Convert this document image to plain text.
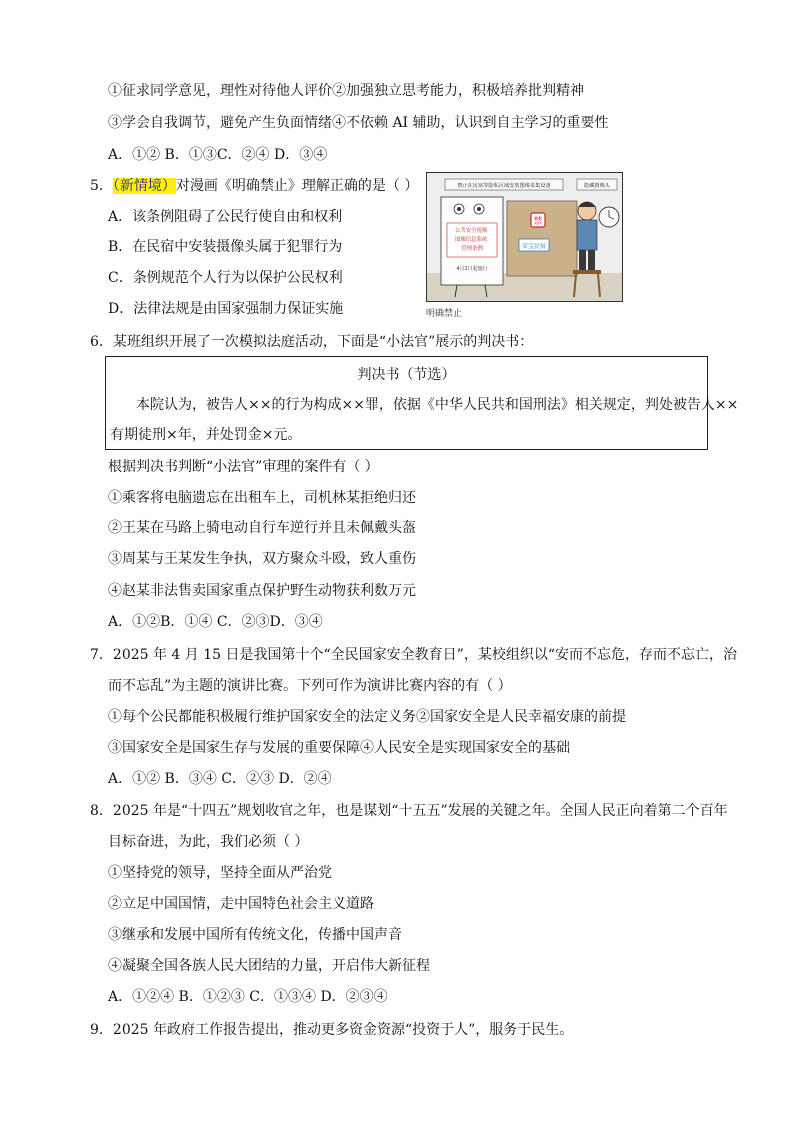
①征求同学意见，理性对待他人评价②加强独立思考能力，积极培养批判精神
③学会自我调节，避免产生负面情绪④不依赖 AI 辅助，认识到自主学习的重要性
A．①② B．①③C．②④ D．③④
5．（新情境）对漫画《明确禁止》理解正确的是（ ）
A．该条例阻碍了公民行使自由和权利
B．在民宿中安装摄像头属于犯罪行为
C．条例规范个人行为以保护公民权利
D．法律法规是由国家强制力保证实施
禁止在民宿等隐私区域安装图像采集设备	隐藏摄像头
安宝民宿
禁
公共安全视频 图像信息系统 管理条例
4月1日起施行
明确禁止
6．某班组织开展了一次模拟法庭活动，下面是“小法官”展示的判决书：
判决书（节选）
本院认为，被告人××的行为构成××罪，依据《中华人民共和国刑法》相关规定，判处被告人××
有期徒刑×年，并处罚金×元。
根据判决书判断“小法官”审理的案件有（ ）
①乘客将电脑遗忘在出租车上，司机林某拒绝归还
②王某在马路上骑电动自行车逆行并且未佩戴头盔
③周某与王某发生争执，双方聚众斗殴，致人重伤
④赵某非法售卖国家重点保护野生动物获利数万元
A．①②B．①④ C．②③D．③④
7．2025 年 4 月 15 日是我国第十个“全民国家安全教育日”，某校组织以“安而不忘危，存而不忘亡，治
而不忘乱”为主题的演讲比赛。下列可作为演讲比赛内容的有（ ）
①每个公民都能积极履行维护国家安全的法定义务②国家安全是人民幸福安康的前提
③国家安全是国家生存与发展的重要保障④人民安全是实现国家安全的基础
A．①② B．③④ C．②③ D．②④
8．2025 年是“十四五”规划收官之年，也是谋划“十五五”发展的关键之年。全国人民正向着第二个百年
目标奋进，为此，我们必须（ ）
①坚持党的领导，坚持全面从严治党
②立足中国国情，走中国特色社会主义道路
③继承和发展中国所有传统文化，传播中国声音
④凝聚全国各族人民大团结的力量，开启伟大新征程
A．①②④ B．①②③ C．①③④ D．②③④
9．2025 年政府工作报告提出，推动更多资金资源“投资于人”，服务于民生。
